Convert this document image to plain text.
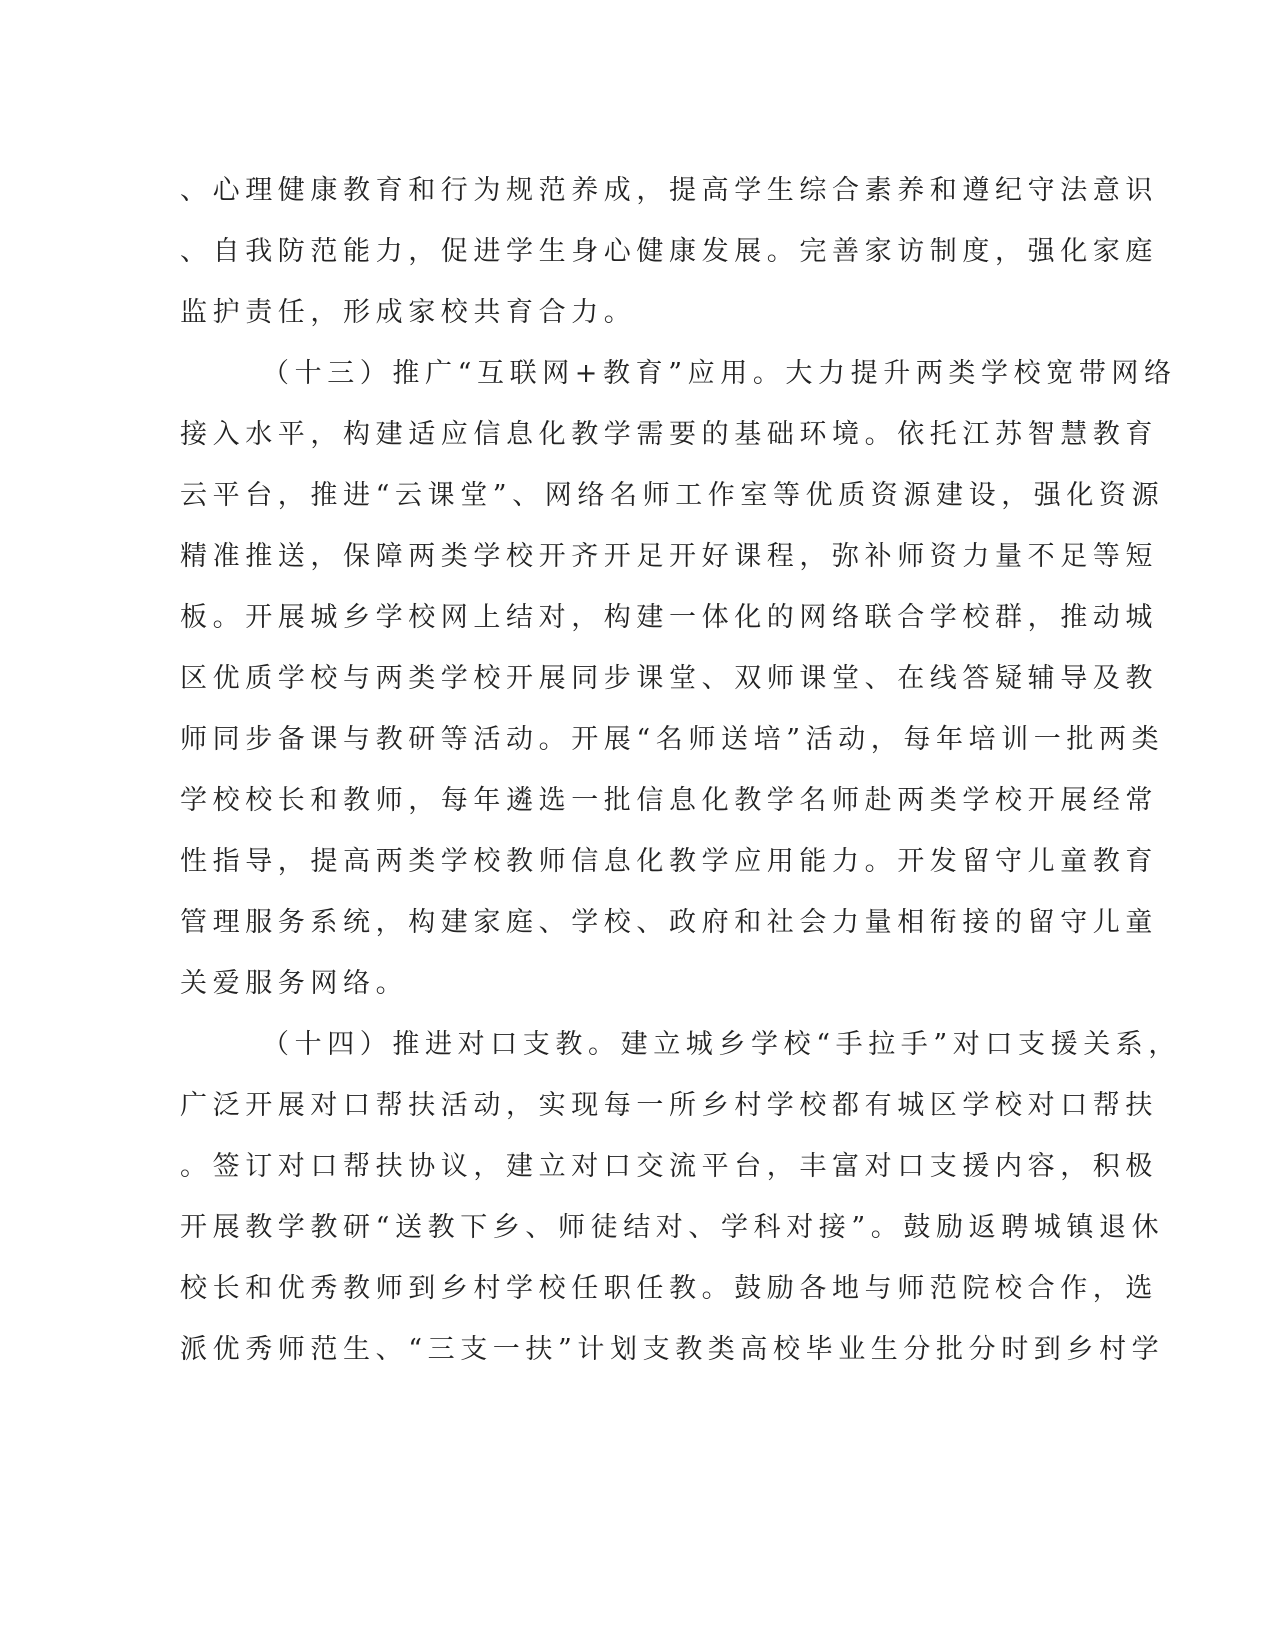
、心理健康教育和行为规范养成，提高学生综合素养和遵纪守法意识
、自我防范能力，促进学生身心健康发展。完善家访制度，强化家庭
监护责任，形成家校共育合力。
（十三）推广“互联网+教育”应用。大力提升两类学校宽带网络
接入水平，构建适应信息化教学需要的基础环境。依托江苏智慧教育
云平台，推进“云课堂”、网络名师工作室等优质资源建设，强化资源
精准推送，保障两类学校开齐开足开好课程，弥补师资力量不足等短
板。开展城乡学校网上结对，构建一体化的网络联合学校群，推动城
区优质学校与两类学校开展同步课堂、双师课堂、在线答疑辅导及教
师同步备课与教研等活动。开展“名师送培”活动，每年培训一批两类
学校校长和教师，每年遴选一批信息化教学名师赴两类学校开展经常
性指导，提高两类学校教师信息化教学应用能力。开发留守儿童教育
管理服务系统，构建家庭、学校、政府和社会力量相衔接的留守儿童
关爱服务网络。
（十四）推进对口支教。建立城乡学校“手拉手”对口支援关系，
广泛开展对口帮扶活动，实现每一所乡村学校都有城区学校对口帮扶
。签订对口帮扶协议，建立对口交流平台，丰富对口支援内容，积极
开展教学教研“送教下乡、师徒结对、学科对接”。鼓励返聘城镇退休
校长和优秀教师到乡村学校任职任教。鼓励各地与师范院校合作，选
派优秀师范生、“三支一扶”计划支教类高校毕业生分批分时到乡村学
